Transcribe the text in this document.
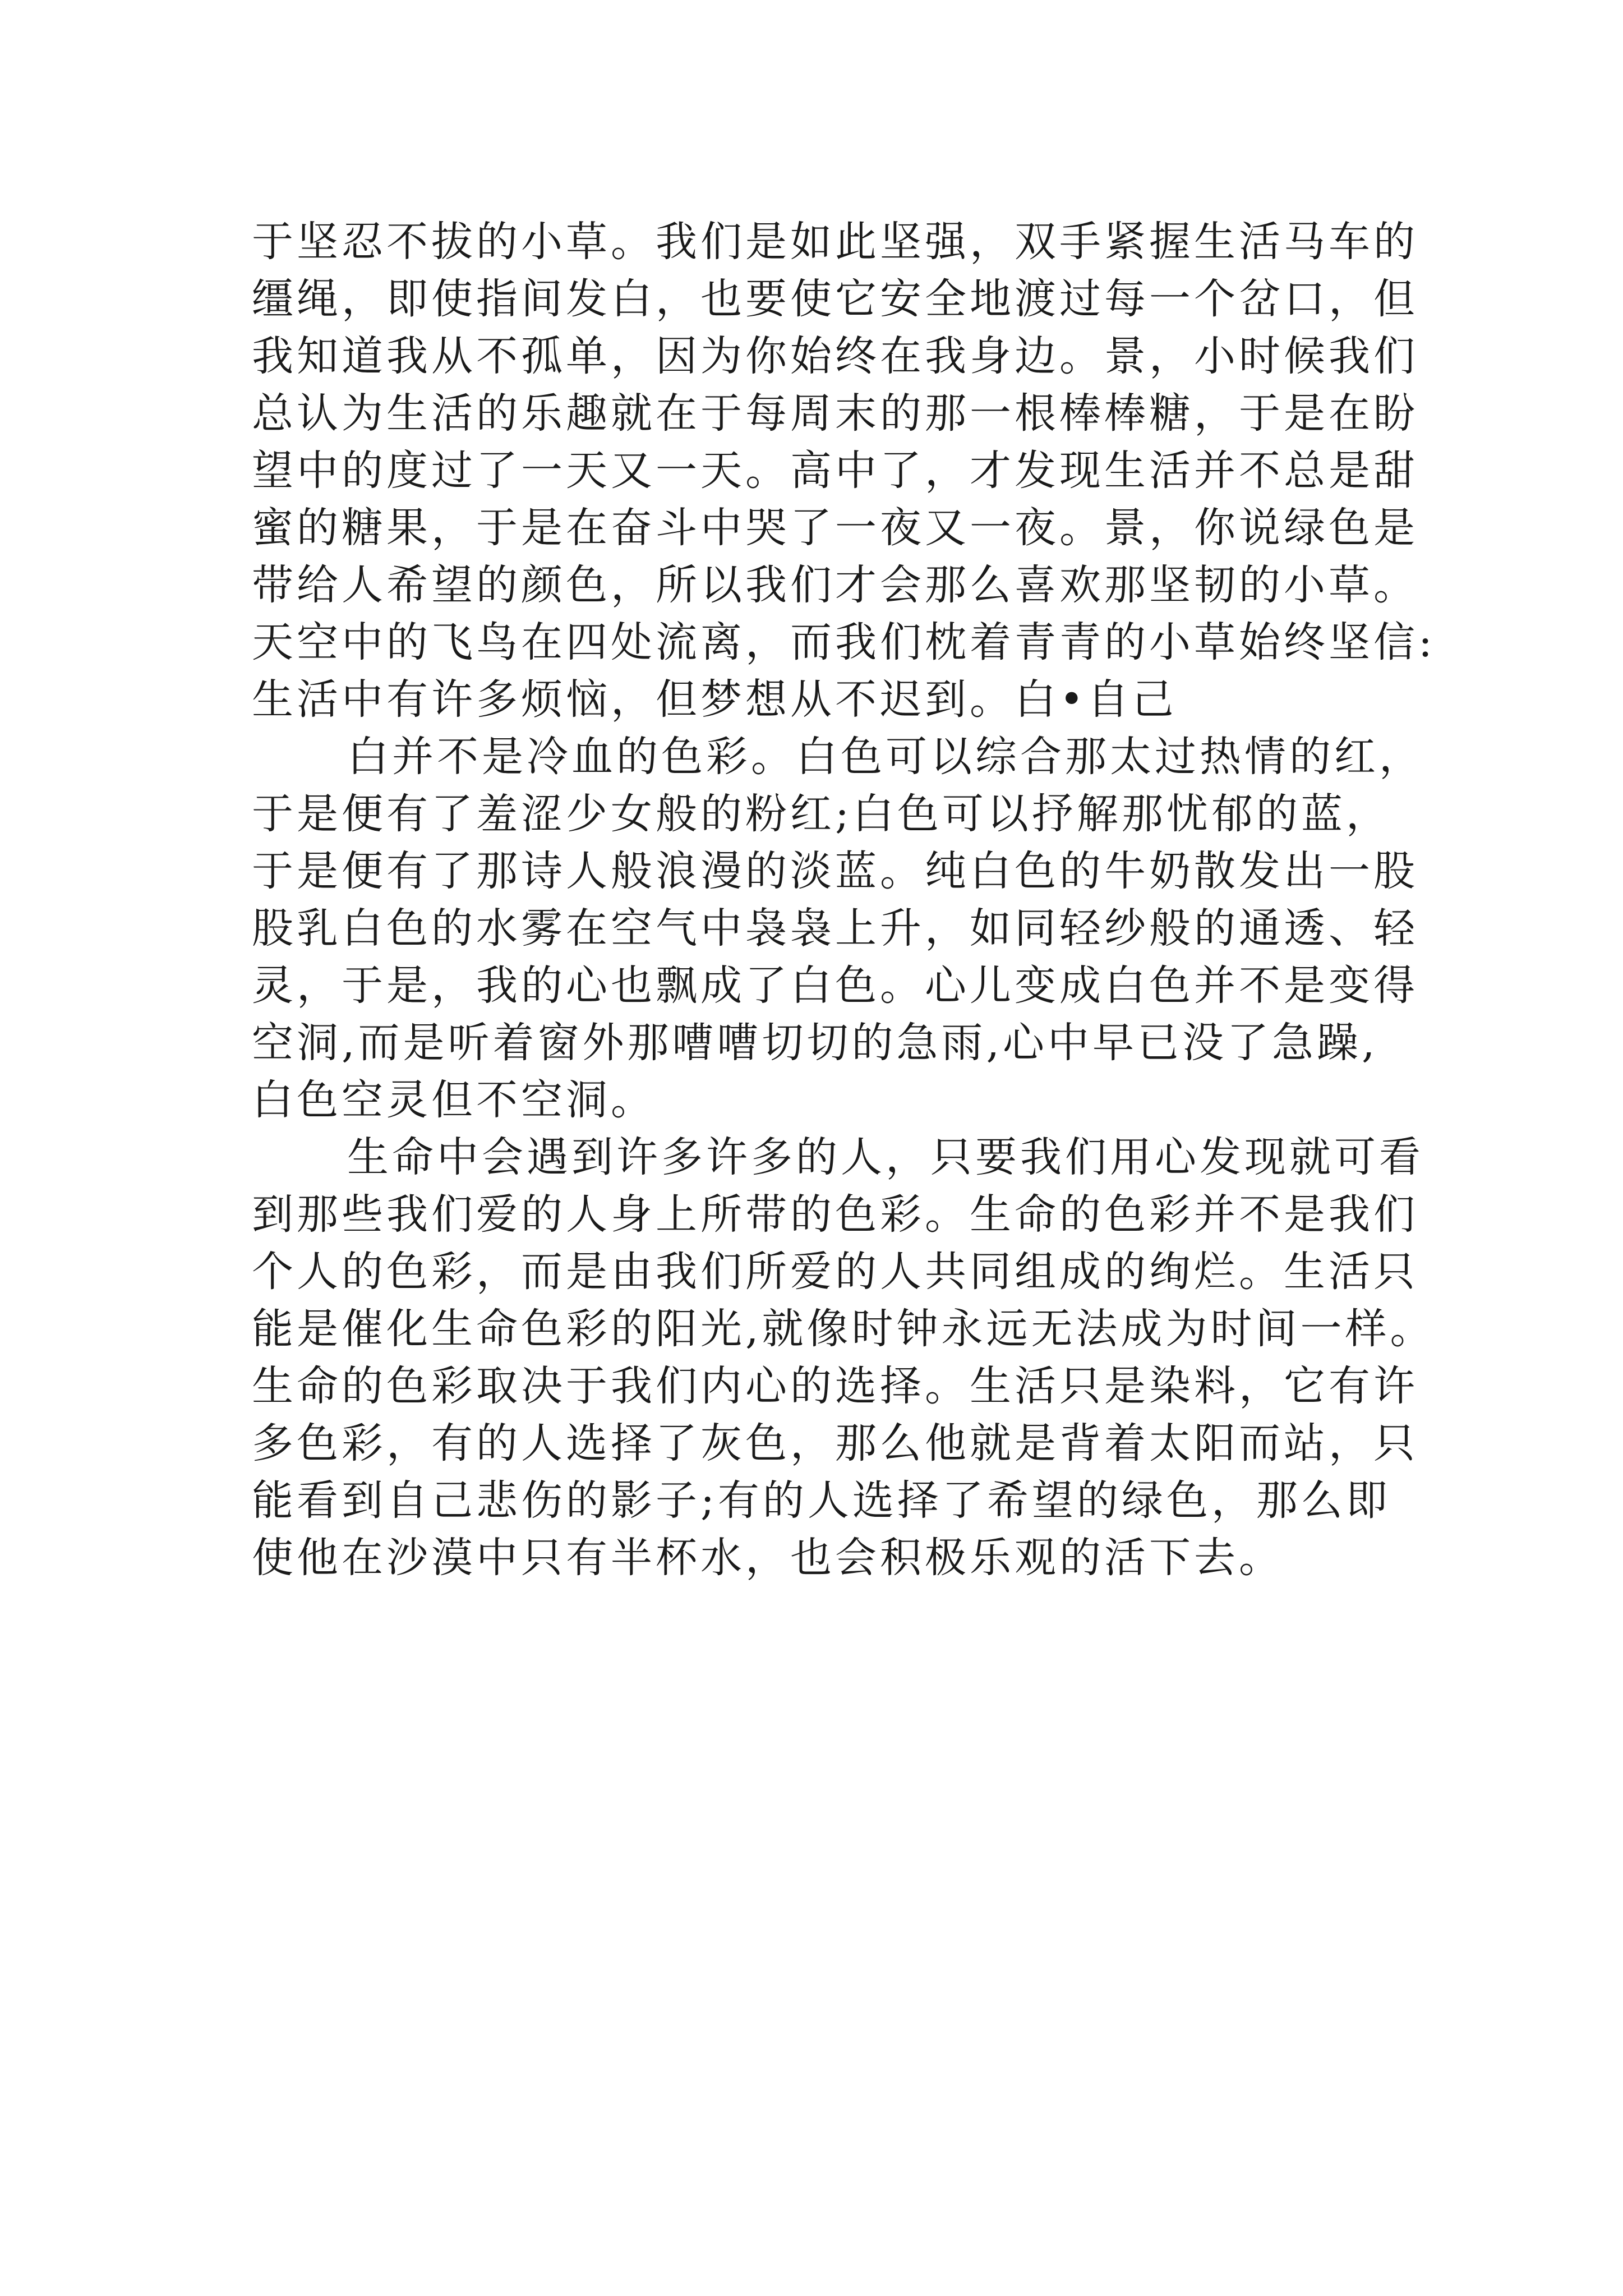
于坚忍不拔的小草。我们是如此坚强，双手紧握生活马车的
缰绳，即使指间发白，也要使它安全地渡过每一个岔口，但
我知道我从不孤单，因为你始终在我身边。景，小时候我们
总认为生活的乐趣就在于每周末的那一根棒棒糖，于是在盼
望中的度过了一天又一天。高中了，才发现生活并不总是甜
蜜的糖果，于是在奋斗中哭了一夜又一夜。景，你说绿色是
带给人希望的颜色，所以我们才会那么喜欢那坚韧的小草。
天空中的飞鸟在四处流离，而我们枕着青青的小草始终坚信:
生活中有许多烦恼，但梦想从不迟到。白•自己
白并不是冷血的色彩。白色可以综合那太过热情的红，
于是便有了羞涩少女般的粉红;白色可以抒解那忧郁的蓝，
于是便有了那诗人般浪漫的淡蓝。纯白色的牛奶散发出一股
股乳白色的水雾在空气中袅袅上升，如同轻纱般的通透、轻
灵，于是，我的心也飘成了白色。心儿变成白色并不是变得
空洞,而是听着窗外那嘈嘈切切的急雨,心中早已没了急躁,
白色空灵但不空洞。
生命中会遇到许多许多的人，只要我们用心发现就可看
到那些我们爱的人身上所带的色彩。生命的色彩并不是我们
个人的色彩，而是由我们所爱的人共同组成的绚烂。生活只
能是催化生命色彩的阳光,就像时钟永远无法成为时间一样。
生命的色彩取决于我们内心的选择。生活只是染料，它有许
多色彩，有的人选择了灰色，那么他就是背着太阳而站，只
能看到自己悲伤的影子;有的人选择了希望的绿色，那么即
使他在沙漠中只有半杯水，也会积极乐观的活下去。
